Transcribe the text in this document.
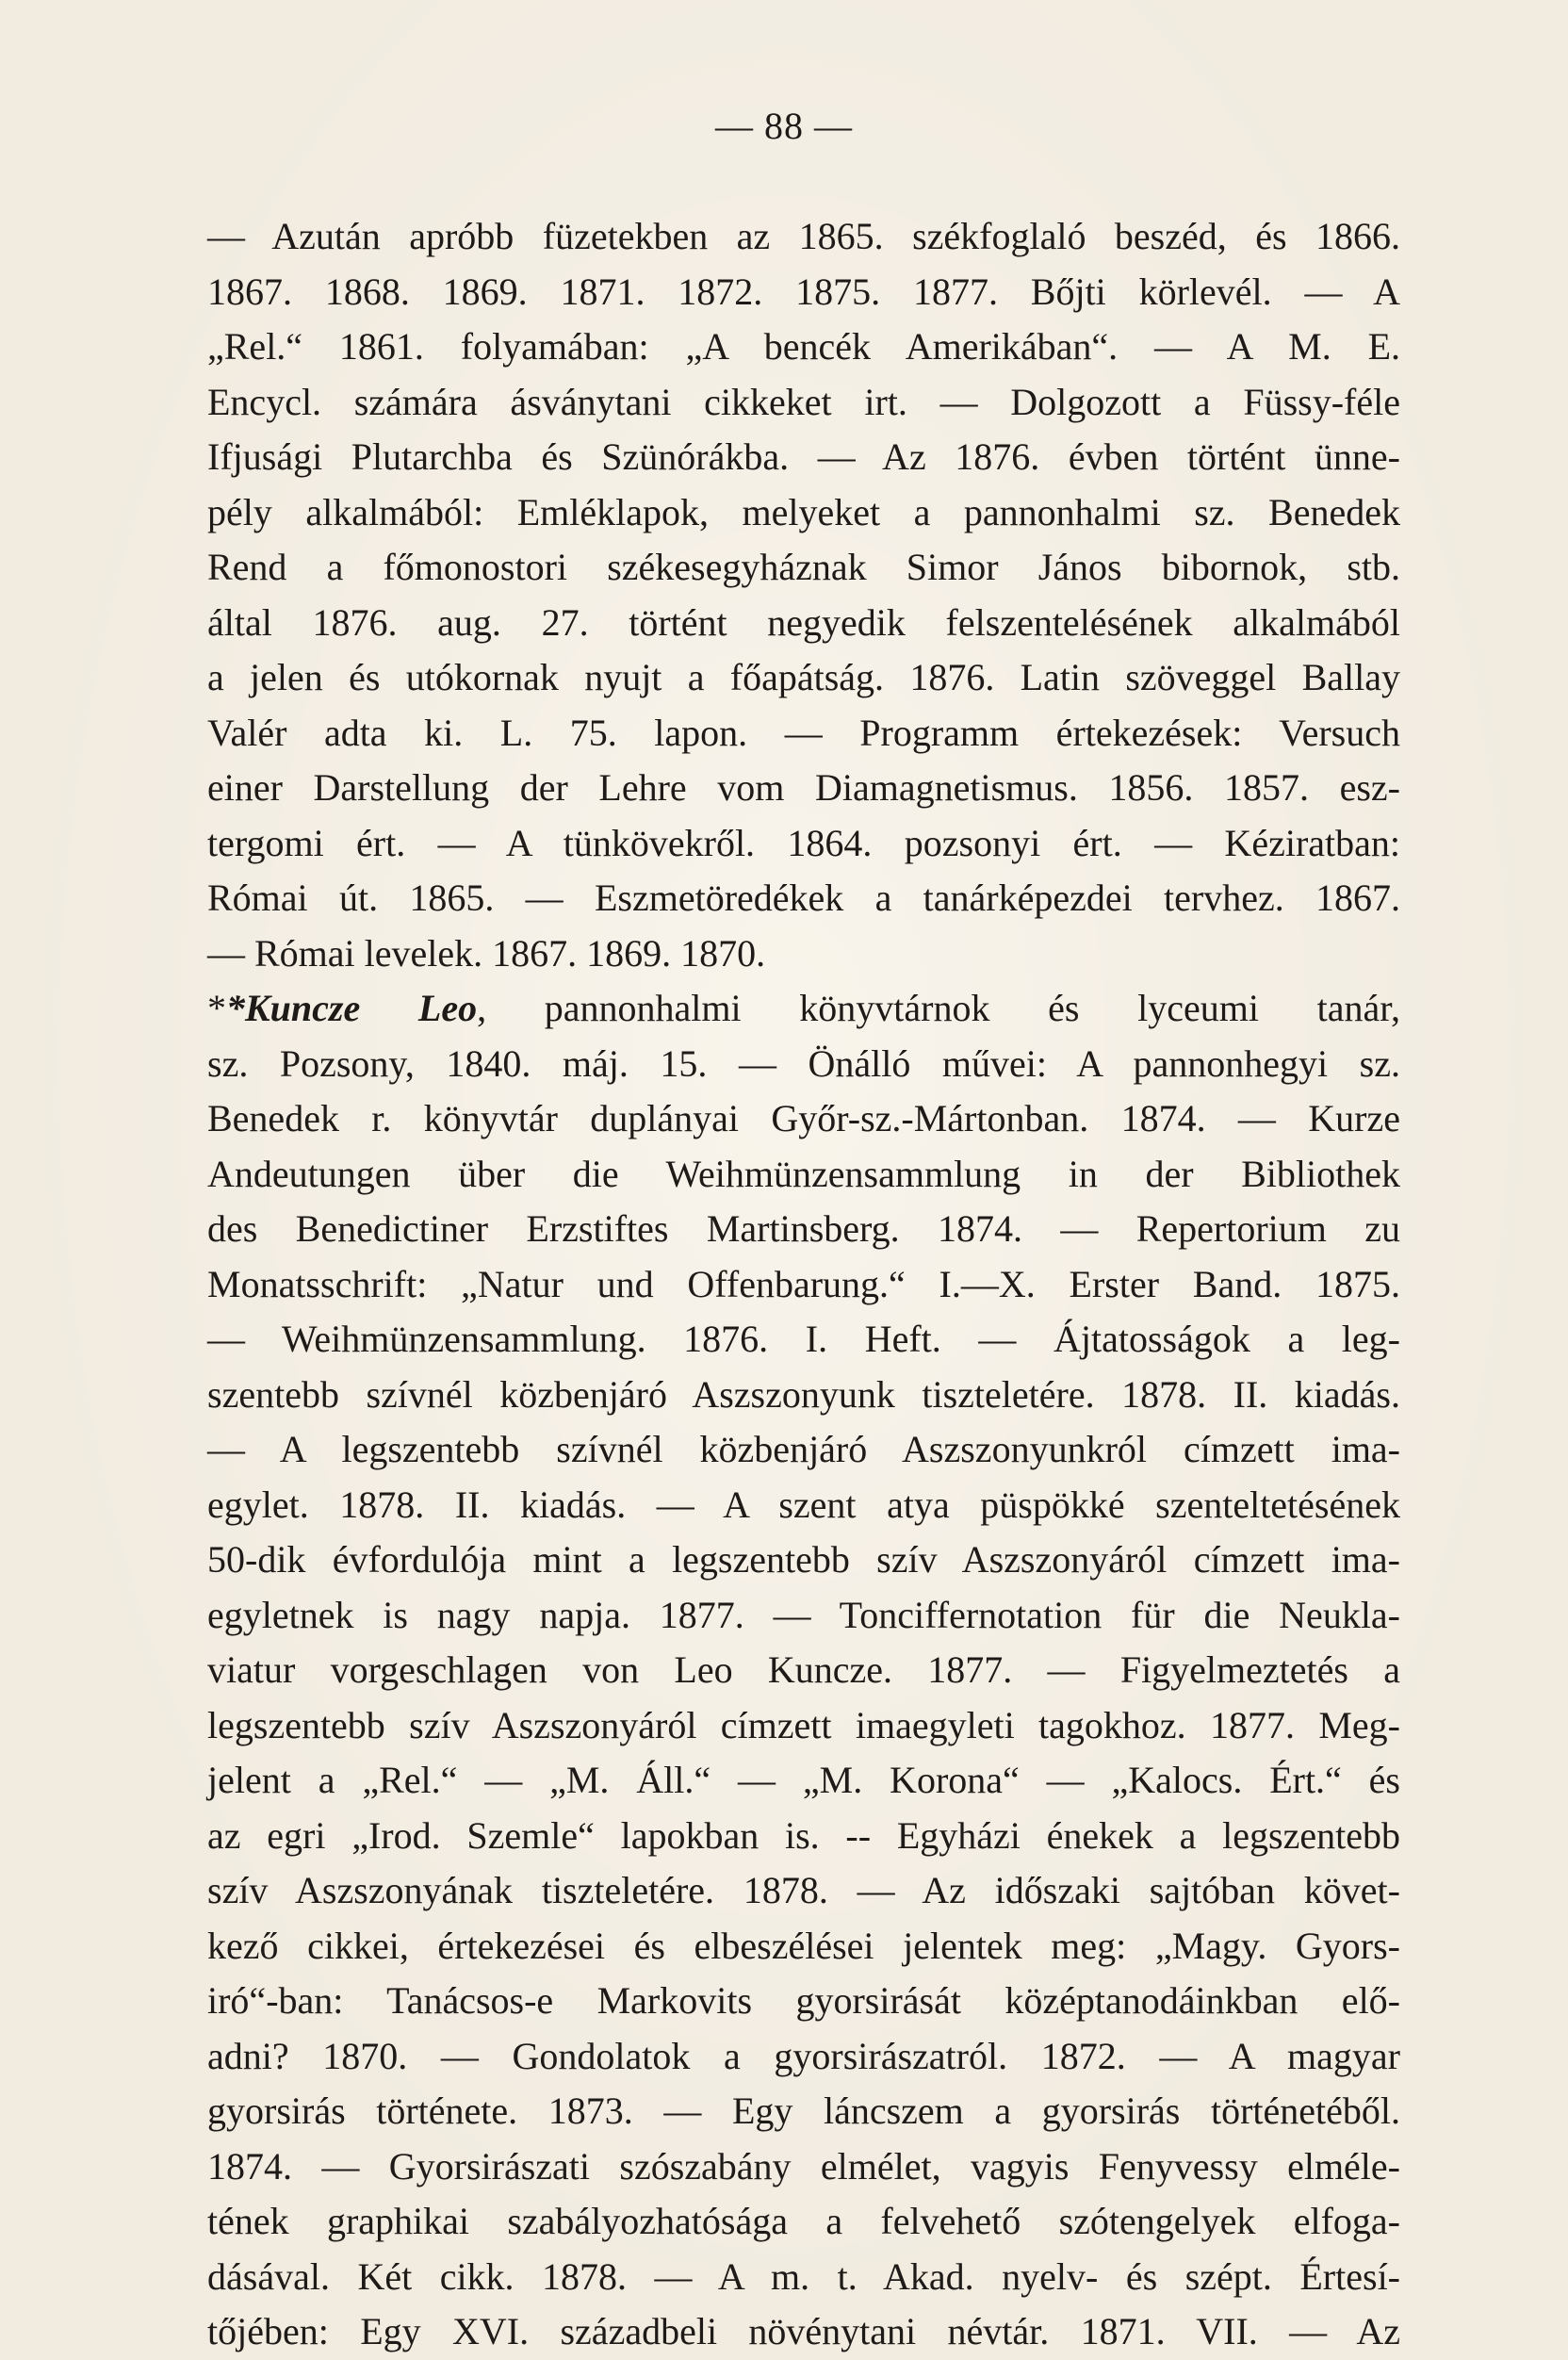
— 88 —
— Azután apróbb füzetekben az 1865. székfoglaló beszéd, és 1866.
1867. 1868. 1869. 1871. 1872. 1875. 1877. Bőjti körlevél. — A
„Rel.“ 1861. folyamában: „A bencék Amerikában“. — A M. E.
Encycl. számára ásványtani cikkeket irt. — Dolgozott a Füssy-féle
Ifjusági Plutarchba és Szünórákba. — Az 1876. évben történt ünne-
pély alkalmából: Emléklapok, melyeket a pannonhalmi sz. Benedek
Rend a főmonostori székesegyháznak Simor János bibornok, stb.
által 1876. aug. 27. történt negyedik felszentelésének alkalmából
a jelen és utókornak nyujt a főapátság. 1876. Latin szöveggel Ballay
Valér adta ki. L. 75. lapon. — Programm értekezések: Versuch
einer Darstellung der Lehre vom Diamagnetismus. 1856. 1857. esz-
tergomi ért. — A tünkövekről. 1864. pozsonyi ért. — Kéziratban:
Római út. 1865. — Eszmetöredékek a tanárképezdei tervhez. 1867.
— Római levelek. 1867. 1869. 1870.
**Kuncze Leo, pannonhalmi könyvtárnok és lyceumi tanár,
sz. Pozsony, 1840. máj. 15. — Önálló művei: A pannonhegyi sz.
Benedek r. könyvtár duplányai Győr-sz.-Mártonban. 1874. — Kurze
Andeutungen über die Weihmünzensammlung in der Bibliothek
des Benedictiner Erzstiftes Martinsberg. 1874. — Repertorium zu
Monatsschrift: „Natur und Offenbarung.“ I.—X. Erster Band. 1875.
— Weihmünzensammlung. 1876. I. Heft. — Ájtatosságok a leg-
szentebb szívnél közbenjáró Aszszonyunk tiszteletére. 1878. II. kiadás.
— A legszentebb szívnél közbenjáró Aszszonyunkról címzett ima-
egylet. 1878. II. kiadás. — A szent atya püspökké szenteltetésének
50-dik évfordulója mint a legszentebb szív Aszszonyáról címzett ima-
egyletnek is nagy napja. 1877. — Tonciffernotation für die Neukla-
viatur vorgeschlagen von Leo Kuncze. 1877. — Figyelmeztetés a
legszentebb szív Aszszonyáról címzett imaegyleti tagokhoz. 1877. Meg-
jelent a „Rel.“ — „M. Áll.“ — „M. Korona“ — „Kalocs. Ért.“ és
az egri „Irod. Szemle“ lapokban is. -- Egyházi énekek a legszentebb
szív Aszszonyának tiszteletére. 1878. — Az időszaki sajtóban követ-
kező cikkei, értekezései és elbeszélései jelentek meg: „Magy. Gyors-
iró“-ban: Tanácsos-e Markovits gyorsirását középtanodáinkban elő-
adni? 1870. — Gondolatok a gyorsirászatról. 1872. — A magyar
gyorsirás története. 1873. — Egy láncszem a gyorsirás történetéből.
1874. — Gyorsirászati szószabány elmélet, vagyis Fenyvessy elméle-
tének graphikai szabályozhatósága a felvehető szótengelyek elfoga-
dásával. Két cikk. 1878. — A m. t. Akad. nyelv- és szépt. Értesí-
tőjében: Egy XVI. századbeli növénytani névtár. 1871. VII. — Az
